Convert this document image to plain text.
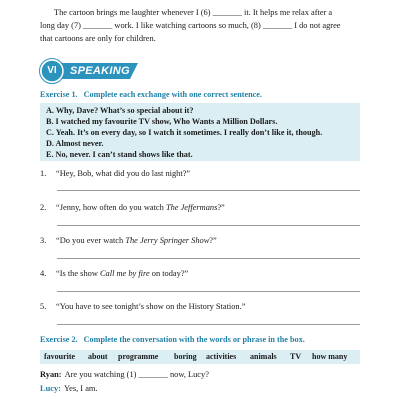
The cartoon brings me laughter whenever I (6) _______ it. It helps me relax after a
long day (7) _______ work. I like watching cartoons so much, (8) _______ I do not agree
that cartoons are only for children.
VI	SPEAKING
Exercise 1. Complete each exchange with one correct sentence.
A. Why, Dave? What’s so special about it?
B. I watched my favourite TV show, Who Wants a Million Dollars.
C. Yeah. It’s on every day, so I watch it sometimes. I really don’t like it, though.
D. Almost never.
E. No, never. I can’t stand shows like that.
1. “Hey, Bob, what did you do last night?”
2. “Jenny, how often do you watch The Jeffermans?”
3. “Do you ever watch The Jerry Springer Show?”
4. “Is the show Call me by fire on today?”
5. “You have to see tonight’s show on the History Station.”
Exercise 2. Complete the conversation with the words or phrase in the box.
favourite about programme boring activities animals TV how many
Ryan: Are you watching (1) _______ now, Lucy?
Lucy: Yes, I am.
